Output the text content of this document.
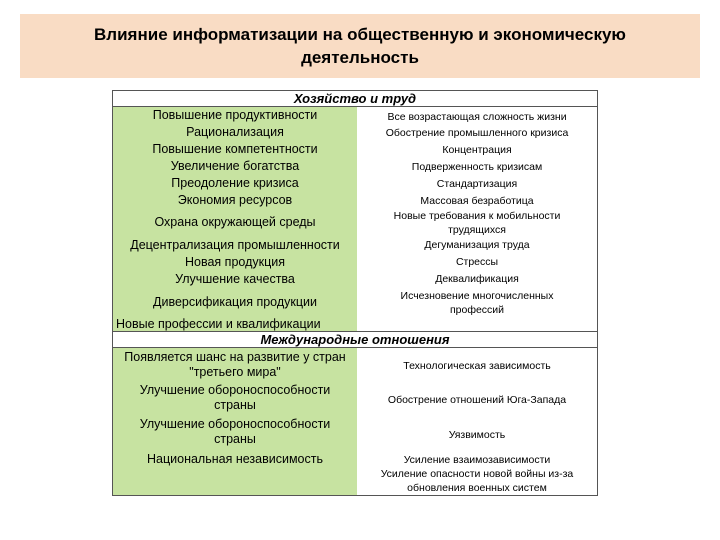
Влияние информатизации на общественную и экономическую деятельность
Хозяйство и труд
Повышение продуктивности
Рационализация
Повышение компетентности
Увеличение богатства
Преодоление кризиса
Экономия ресурсов
Охрана окружающей среды
Децентрализация промышленности
Новая продукция
Улучшение качества
Диверсификация продукции
Новые профессии и квалификации
Все возрастающая сложность жизни
Обострение промышленного кризиса
Концентрация
Подверженность кризисам
Стандартизация
Массовая безработица
Новые требования к мобильности трудящихся
Дегуманизация труда
Стрессы
Деквалификация
Исчезновение многочисленных профессий
Международные отношения
Появляется шанс на развитие у стран "третьего мира"
Улучшение обороноспособности страны
Улучшение обороноспособности страны
Национальная независимость
Технологическая зависимость
Обострение отношений Юга-Запада
Уязвимость
Усиление взаимозависимости
Усиление опасности новой войны из-за обновления военных систем
